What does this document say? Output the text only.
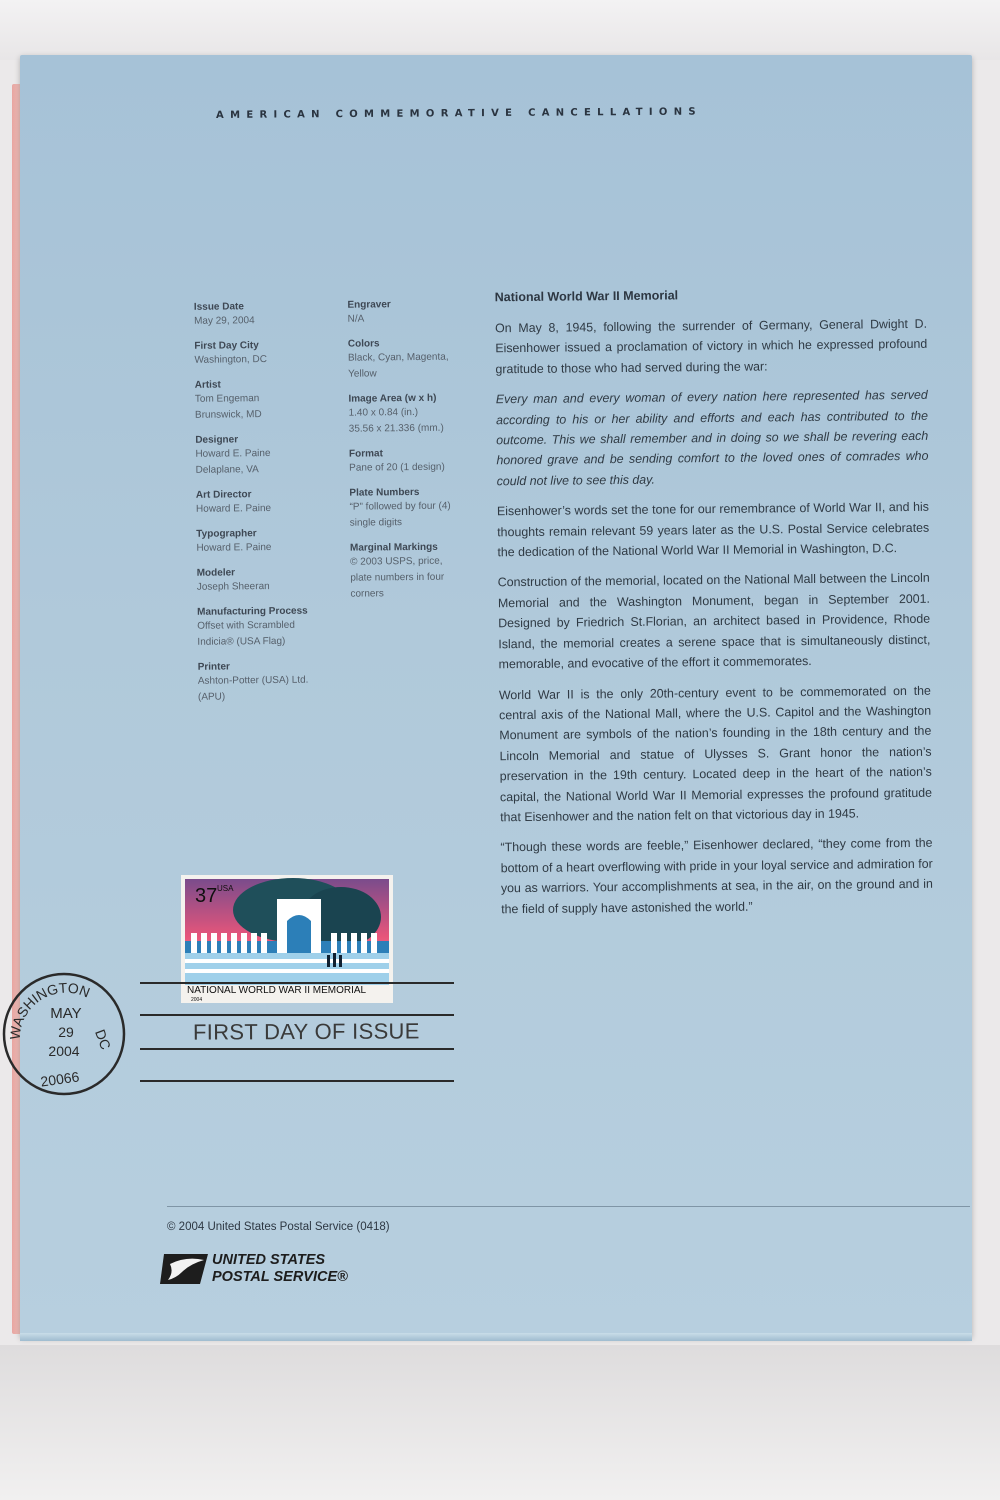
AMERICAN COMMEMORATIVE CANCELLATIONS
Issue Date
May 29, 2004
First Day City
Washington, DC
Artist
Tom Engeman
Brunswick, MD
Designer
Howard E. Paine
Delaplane, VA
Art Director
Howard E. Paine
Typographer
Howard E. Paine
Modeler
Joseph Sheeran
Manufacturing Process
Offset with Scrambled
Indicia® (USA Flag)
Printer
Ashton-Potter (USA) Ltd.
(APU)
Engraver
N/A
Colors
Black, Cyan, Magenta,
Yellow
Image Area (w x h)
1.40 x 0.84 (in.)
35.56 x 21.336 (mm.)
Format
Pane of 20 (1 design)
Plate Numbers
“P” followed by four (4)
single digits
Marginal Markings
© 2003 USPS, price,
plate numbers in four
corners
National World War II Memorial

On May 8, 1945, following the surrender of Germany, General Dwight D. Eisenhower issued a proclamation of victory in which he expressed profound gratitude to those who had served during the war:

Every man and every woman of every nation here represented has served according to his or her ability and efforts and each has contributed to the outcome. This we shall remember and in doing so we shall be revering each honored grave and be sending comfort to the loved ones of comrades who could not live to see this day.

Eisenhower’s words set the tone for our remembrance of World War II, and his thoughts remain relevant 59 years later as the U.S. Postal Service celebrates the dedication of the National World War II Memorial in Washington, D.C.

Construction of the memorial, located on the National Mall between the Lincoln Memorial and the Washington Monument, began in September 2001. Designed by Friedrich St.Florian, an architect based in Providence, Rhode Island, the memorial creates a serene space that is simultaneously distinct, memorable, and evocative of the effort it commemorates.

World War II is the only 20th-century event to be commemorated on the central axis of the National Mall, where the U.S. Capitol and the Washington Monument are symbols of the nation’s founding in the 18th century and the Lincoln Memorial and statue of Ulysses S. Grant honor the nation’s preservation in the 19th century. Located deep in the heart of the nation’s capital, the National World War II Memorial expresses the profound gratitude that Eisenhower and the nation felt on that victorious day in 1945.

“Though these words are feeble,” Eisenhower declared, “they come from the bottom of a heart overflowing with pride in your loyal service and admiration for you as warriors. Your accomplishments at sea, in the air, on the ground and in the field of supply have astonished the world.”

37 USA
NATIONAL WORLD WAR II MEMORIAL
2004
FIRST DAY OF ISSUE
WASHINGTON
DC
MAY
29
2004
20066
© 2004 United States Postal Service (0418)
UNITED STATES
POSTAL SERVICE®
